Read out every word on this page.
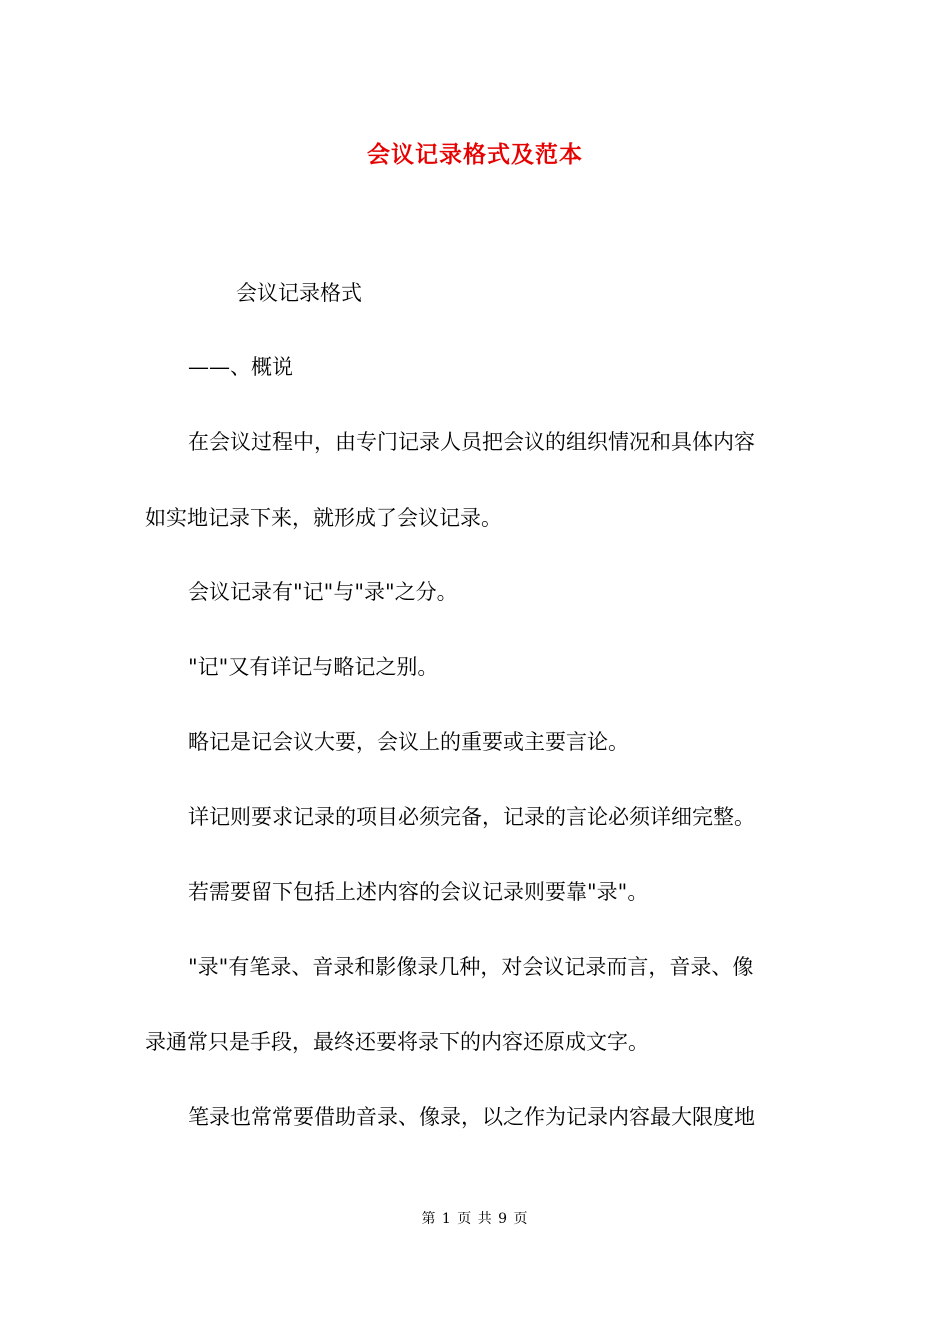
会议记录格式及范本
会议记录格式
——、概说
在会议过程中，由专门记录人员把会议的组织情况和具体内容
如实地记录下来，就形成了会议记录。
会议记录有"记"与"录"之分。
"记"又有详记与略记之别。
略记是记会议大要，会议上的重要或主要言论。
详记则要求记录的项目必须完备，记录的言论必须详细完整。
若需要留下包括上述内容的会议记录则要靠"录"。
"录"有笔录、音录和影像录几种，对会议记录而言，音录、像
录通常只是手段，最终还要将录下的内容还原成文字。
笔录也常常要借助音录、像录，以之作为记录内容最大限度地
第 1 页 共 9 页
